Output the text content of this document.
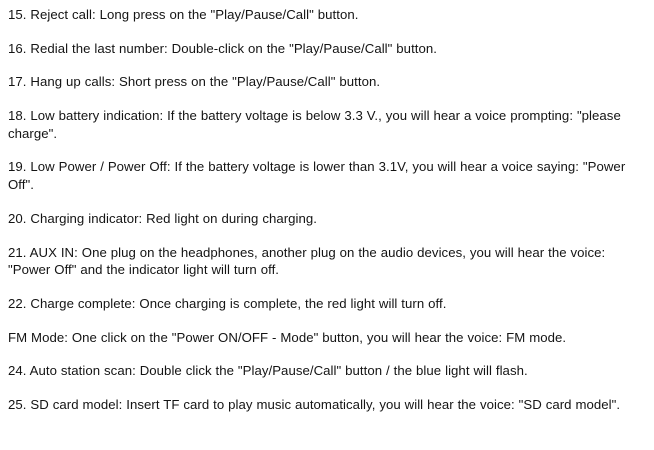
15. Reject call: Long press on the "Play/Pause/Call" button.

16. Redial the last number: Double-click on the "Play/Pause/Call" button.

17. Hang up calls: Short press on the "Play/Pause/Call" button.

18. Low battery indication: If the battery voltage is below 3.3 V., you will hear a voice prompting: "please charge".

19. Low Power / Power Off: If the battery voltage is lower than 3.1V, you will hear a voice saying: "Power Off".

20. Charging indicator: Red light on during charging.

21. AUX IN: One plug on the headphones, another plug on the audio devices, you will hear the voice: "Power Off" and the indicator light will turn off.

22. Charge complete: Once charging is complete, the red light will turn off.

FM Mode: One click on the "Power ON/OFF - Mode" button, you will hear the voice: FM mode.

24. Auto station scan: Double click the "Play/Pause/Call" button / the blue light will flash.

25. SD card model: Insert TF card to play music automatically, you will hear the voice: "SD card model".
